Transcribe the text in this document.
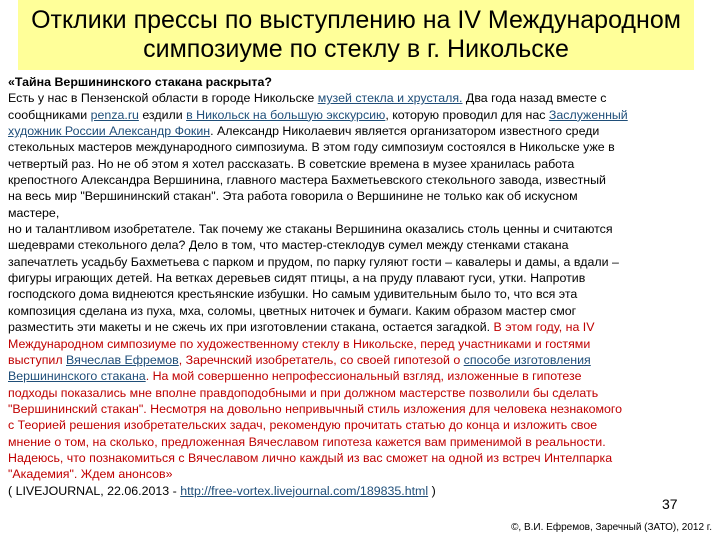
Отклики прессы по выступлению на IV Международном
симпозиуме по стеклу в г. Никольске
«Тайна Вершининского стакана раскрыта?
Есть у нас в Пензенской области в городе Никольске музей стекла и хрусталя. Два года назад вместе с
сообщниками penza.ru ездили в Никольск на большую экскурсию, которую проводил для нас Заслуженный
художник России Александр Фокин. Александр Николаевич является организатором известного среди
стекольных мастеров международного симпозиума. В этом году симпозиум состоялся в Никольске уже в
четвертый раз. Но не об этом я хотел рассказать. В советские времена в музее хранилась работа
крепостного Александра Вершинина, главного мастера Бахметьевского стекольного завода, известный
на весь мир "Вершининский стакан". Эта работа говорила о Вершинине не только как об искусном
мастере,
но и талантливом изобретателе. Так почему же стаканы Вершинина оказались столь ценны и считаются
шедеврами стекольного дела? Дело в том, что мастер-стеклодув сумел между стенками стакана
запечатлеть усадьбу Бахметьева с парком и прудом, по парку гуляют гости – кавалеры и дамы, а вдали –
фигуры играющих детей. На ветках деревьев сидят птицы, а на пруду плавают гуси, утки. Напротив
господского дома виднеются крестьянские избушки. Но самым удивительным было то, что вся эта
композиция сделана из пуха, мха, соломы, цветных ниточек и бумаги. Каким образом мастер смог
разместить эти макеты и не сжечь их при изготовлении стакана, остается загадкой. В этом году, на IV
Международном симпозиуме по художественному стеклу в Никольске, перед участниками и гостями
выступил Вячеслав Ефремов, Заречнский изобретатель, со своей гипотезой о способе изготовления
Вершининского стакана. На мой совершенно непрофессиональный взгляд, изложенные в гипотезе
подходы показались мне вполне правдоподобными и при должном мастерстве позволили бы сделать
"Вершининский стакан". Несмотря на довольно непривычный стиль изложения для человека незнакомого
с Теорией решения изобретательских задач, рекомендую прочитать статью до конца и изложить свое
мнение о том, на сколько, предложенная Вячеславом гипотеза кажется вам применимой в реальности.
Надеюсь, что познакомиться с Вячеславом лично каждый из вас сможет на одной из встреч Интелпарка
"Академия". Ждем анонсов»
( LIVEJOURNAL, 22.06.2013 - http://free-vortex.livejournal.com/189835.html )
37
©, В.И. Ефремов, Заречный (ЗАТО), 2012 г.
